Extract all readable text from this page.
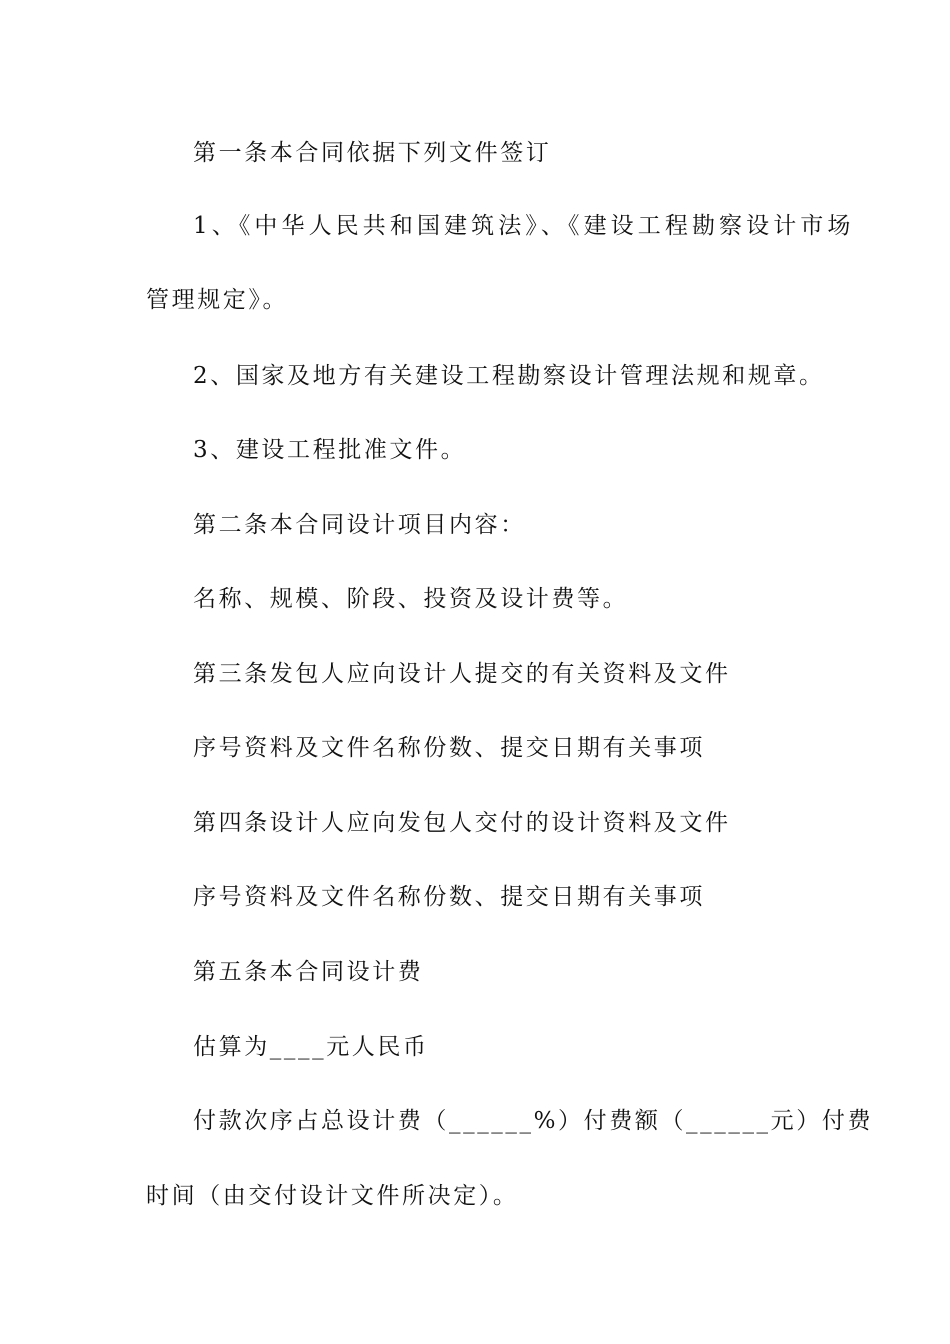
第一条本合同依据下列文件签订

1、《中华人民共和国建筑法》、《建设工程勘察设计市场

管理规定》。

2、国家及地方有关建设工程勘察设计管理法规和规章。

3、建设工程批准文件。

第二条本合同设计项目内容：

名称、规模、阶段、投资及设计费等。

第三条发包人应向设计人提交的有关资料及文件

序号资料及文件名称份数、提交日期有关事项

第四条设计人应向发包人交付的设计资料及文件

序号资料及文件名称份数、提交日期有关事项

第五条本合同设计费

估算为____元人民币

付款次序占总设计费（______%）付费额（______元）付费

时间（由交付设计文件所决定）。
